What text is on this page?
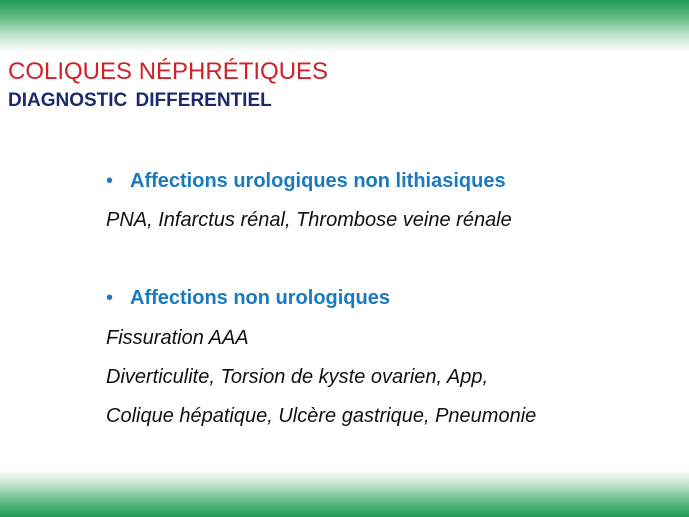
COLIQUES NÉPHRÉTIQUES
DIAGNOSTIC DIFFERENTIEL
• Affections urologiques non lithiasiques
PNA, Infarctus rénal, Thrombose veine rénale
• Affections non urologiques
Fissuration AAA
Diverticulite, Torsion de kyste ovarien, App,
Colique hépatique, Ulcère gastrique, Pneumonie
